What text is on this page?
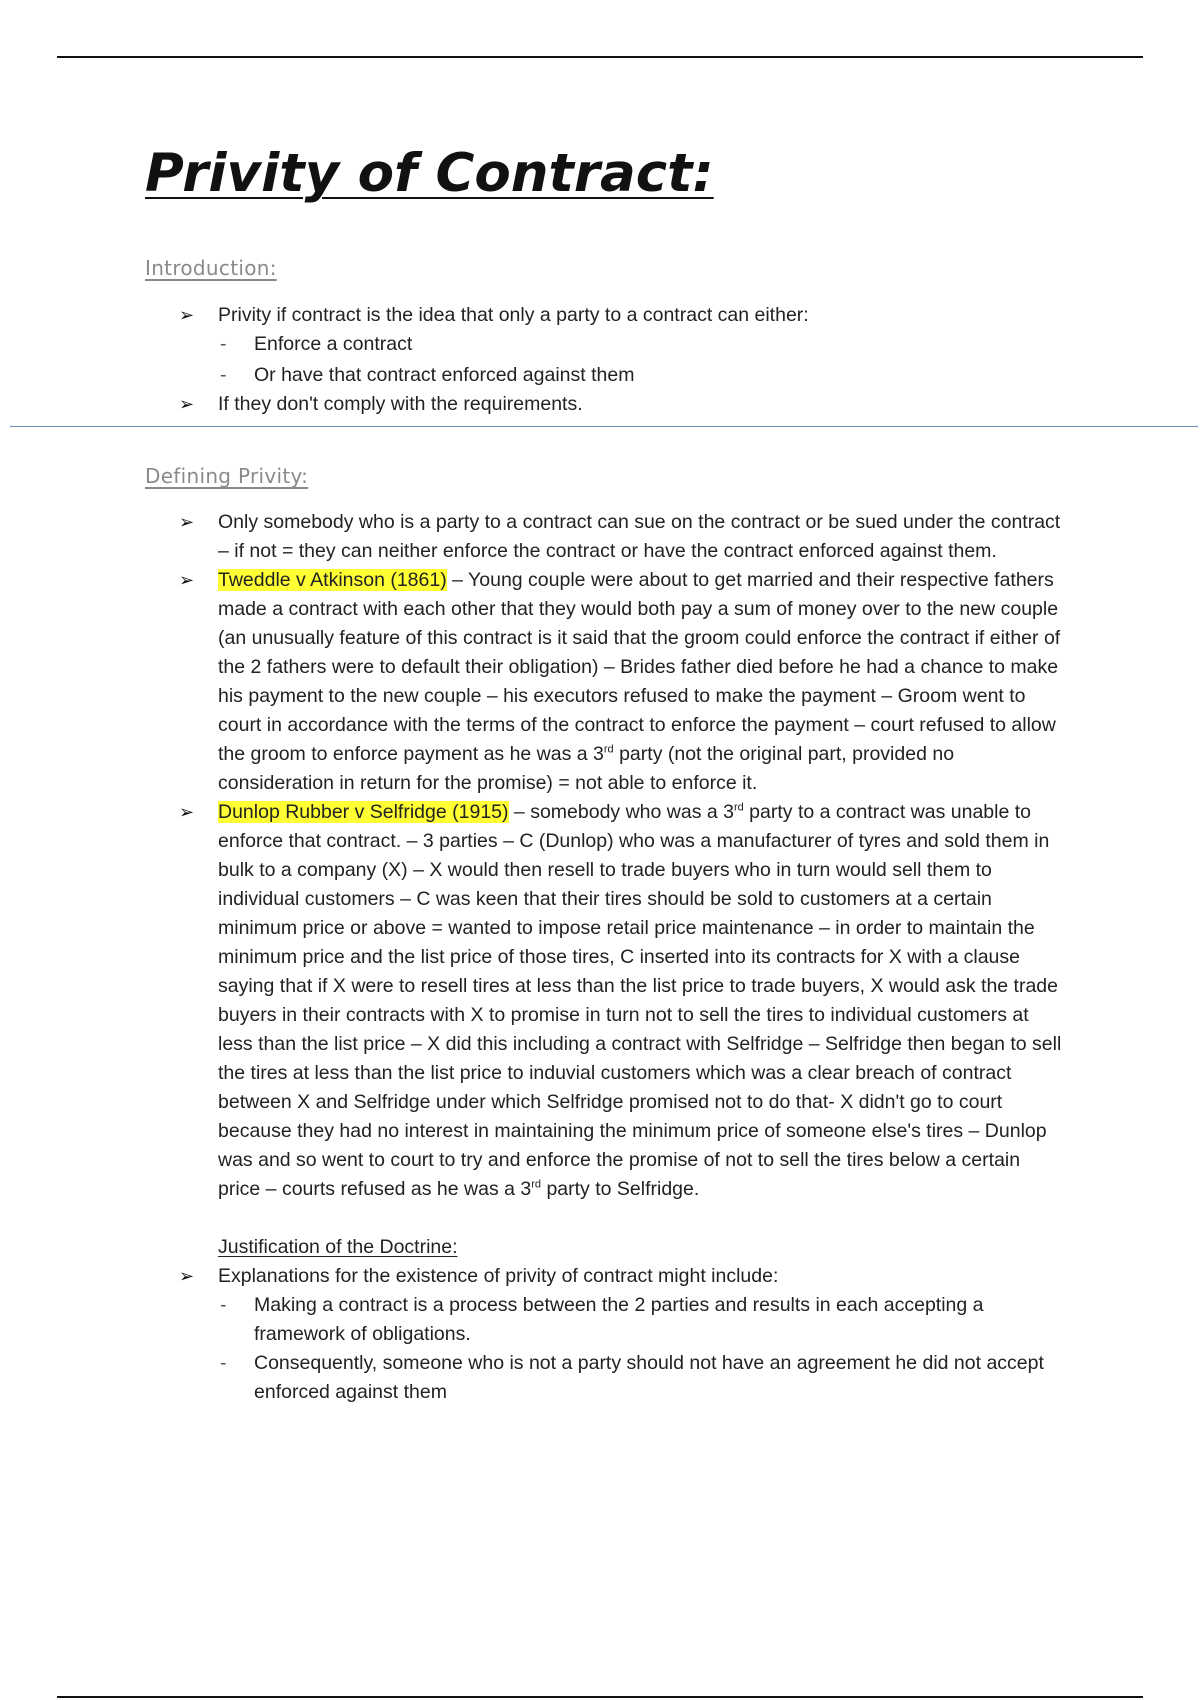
Privity of Contract:
Introduction:
➢ Privity if contract is the idea that only a party to a contract can either:
- Enforce a contract
- Or have that contract enforced against them
➢ If they don't comply with the requirements.
Defining Privity:
➢ Only somebody who is a party to a contract can sue on the contract or be sued under the contract – if not = they can neither enforce the contract or have the contract enforced against them.
➢ Tweddle v Atkinson (1861) – Young couple were about to get married and their respective fathers made a contract with each other that they would both pay a sum of money over to the new couple (an unusually feature of this contract is it said that the groom could enforce the contract if either of the 2 fathers were to default their obligation) – Brides father died before he had a chance to make his payment to the new couple – his executors refused to make the payment – Groom went to court in accordance with the terms of the contract to enforce the payment – court refused to allow the groom to enforce payment as he was a 3rd party (not the original part, provided no consideration in return for the promise) = not able to enforce it.
➢ Dunlop Rubber v Selfridge (1915) – somebody who was a 3rd party to a contract was unable to enforce that contract. – 3 parties – C (Dunlop) who was a manufacturer of tyres and sold them in bulk to a company (X) – X would then resell to trade buyers who in turn would sell them to individual customers – C was keen that their tires should be sold to customers at a certain minimum price or above = wanted to impose retail price maintenance – in order to maintain the minimum price and the list price of those tires, C inserted into its contracts for X with a clause saying that if X were to resell tires at less than the list price to trade buyers, X would ask the trade buyers in their contracts with X to promise in turn not to sell the tires to individual customers at less than the list price – X did this including a contract with Selfridge – Selfridge then began to sell the tires at less than the list price to induvial customers which was a clear breach of contract between X and Selfridge under which Selfridge promised not to do that- X didn't go to court because they had no interest in maintaining the minimum price of someone else's tires – Dunlop was and so went to court to try and enforce the promise of not to sell the tires below a certain price – courts refused as he was a 3rd party to Selfridge.
Justification of the Doctrine:
➢ Explanations for the existence of privity of contract might include:
- Making a contract is a process between the 2 parties and results in each accepting a framework of obligations.
- Consequently, someone who is not a party should not have an agreement he did not accept enforced against them
